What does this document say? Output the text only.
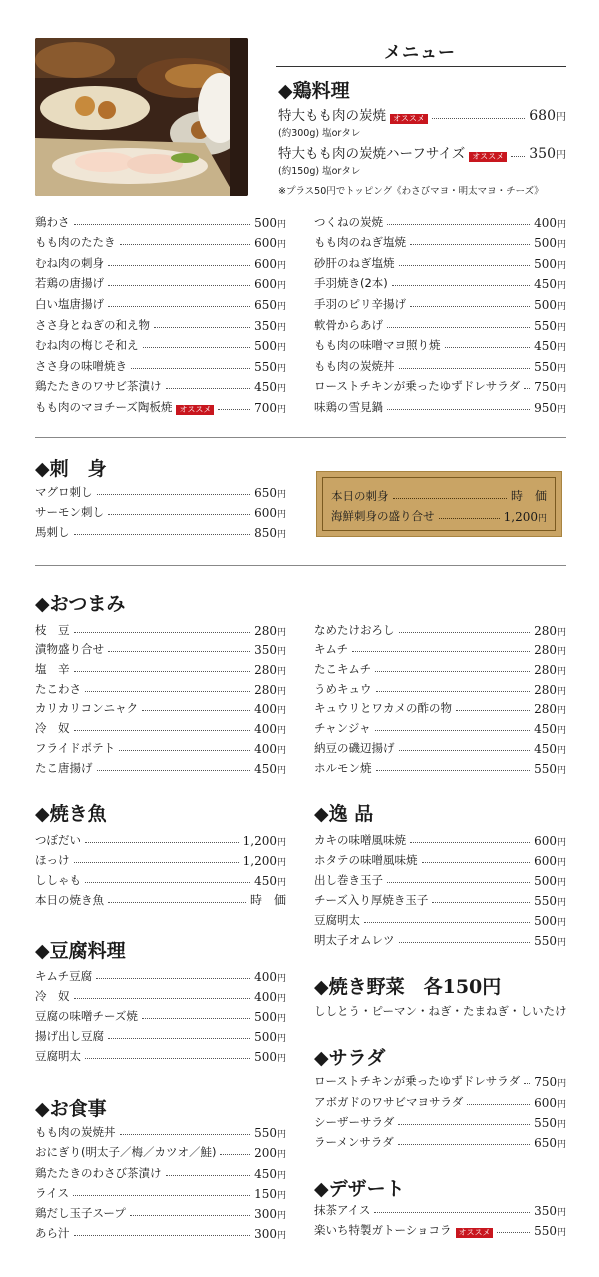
メニュー
◆鶏料理
特大もも肉の炭焼 オススメ	680円
(約300g) 塩orタレ
特大もも肉の炭焼ハーフサイズ オススメ 350円
(約150g) 塩orタレ
※プラス50円でトッピング《わさびマヨ・明太マヨ・チーズ》
鶏わさ	500円
もも肉のたたき	600円
むね肉の刺身	600円
若鶏の唐揚げ	600円
白い塩唐揚げ	650円
ささ身とねぎの和え物	350円
むね肉の梅じそ和え	500円
ささ身の味噌焼き	550円
鶏たたきのワサビ茶漬け	450円
もも肉のマヨチーズ陶板焼 オススメ	700円
つくねの炭焼	400円
もも肉のねぎ塩焼	500円
砂肝のねぎ塩焼	500円
手羽焼き(2本)	450円
手羽のピリ辛揚げ	500円
軟骨からあげ	550円
もも肉の味噌マヨ照り焼	450円
もも肉の炭焼丼	550円
ローストチキンが乗ったゆずドレサラダ 750円
味鶏の雪見鍋	950円
◆刺　身
マグロ刺し	650円
サーモン刺し	600円
馬刺し	850円
本日の刺身	時　価
海鮮刺身の盛り合せ	1,200円
◆おつまみ
枝　豆	280円
漬物盛り合せ	350円
塩　辛	280円
たこわさ	280円
カリカリコンニャク	400円
冷　奴	400円
フライドポテト	400円
たこ唐揚げ	450円
なめたけおろし	280円
キムチ	280円
たこキムチ	280円
うめキュウ	280円
キュウリとワカメの酢の物	280円
チャンジャ	450円
納豆の磯辺揚げ	450円
ホルモン焼	550円
◆焼き魚
つぼだい	1,200円
ほっけ	1,200円
ししゃも	450円
本日の焼き魚	時　価
◆逸 品
カキの味噌風味焼	600円
ホタテの味噌風味焼	600円
出し巻き玉子	500円
チーズ入り厚焼き玉子	550円
豆腐明太	500円
明太子オムレツ	550円
◆豆腐料理
キムチ豆腐	400円
冷　奴	400円
豆腐の味噌チーズ焼	500円
揚げ出し豆腐	500円
豆腐明太	500円
◆焼き野菜　各150円
ししとう・ピーマン・ねぎ・たまねぎ・しいたけ
◆サラダ
ローストチキンが乗ったゆずドレサラダ 750円
アボガドのワサビマヨサラダ	600円
シーザーサラダ	550円
ラーメンサラダ	650円
◆お食事
もも肉の炭焼丼	550円
おにぎり(明太子／梅／カツオ／鮭)	200円
鶏たたきのわさび茶漬け	450円
ライス	150円
鶏だし玉子スープ	300円
あら汁	300円
◆デザート
抹茶アイス	350円
楽いち特製ガトーショコラ オススメ	550円
